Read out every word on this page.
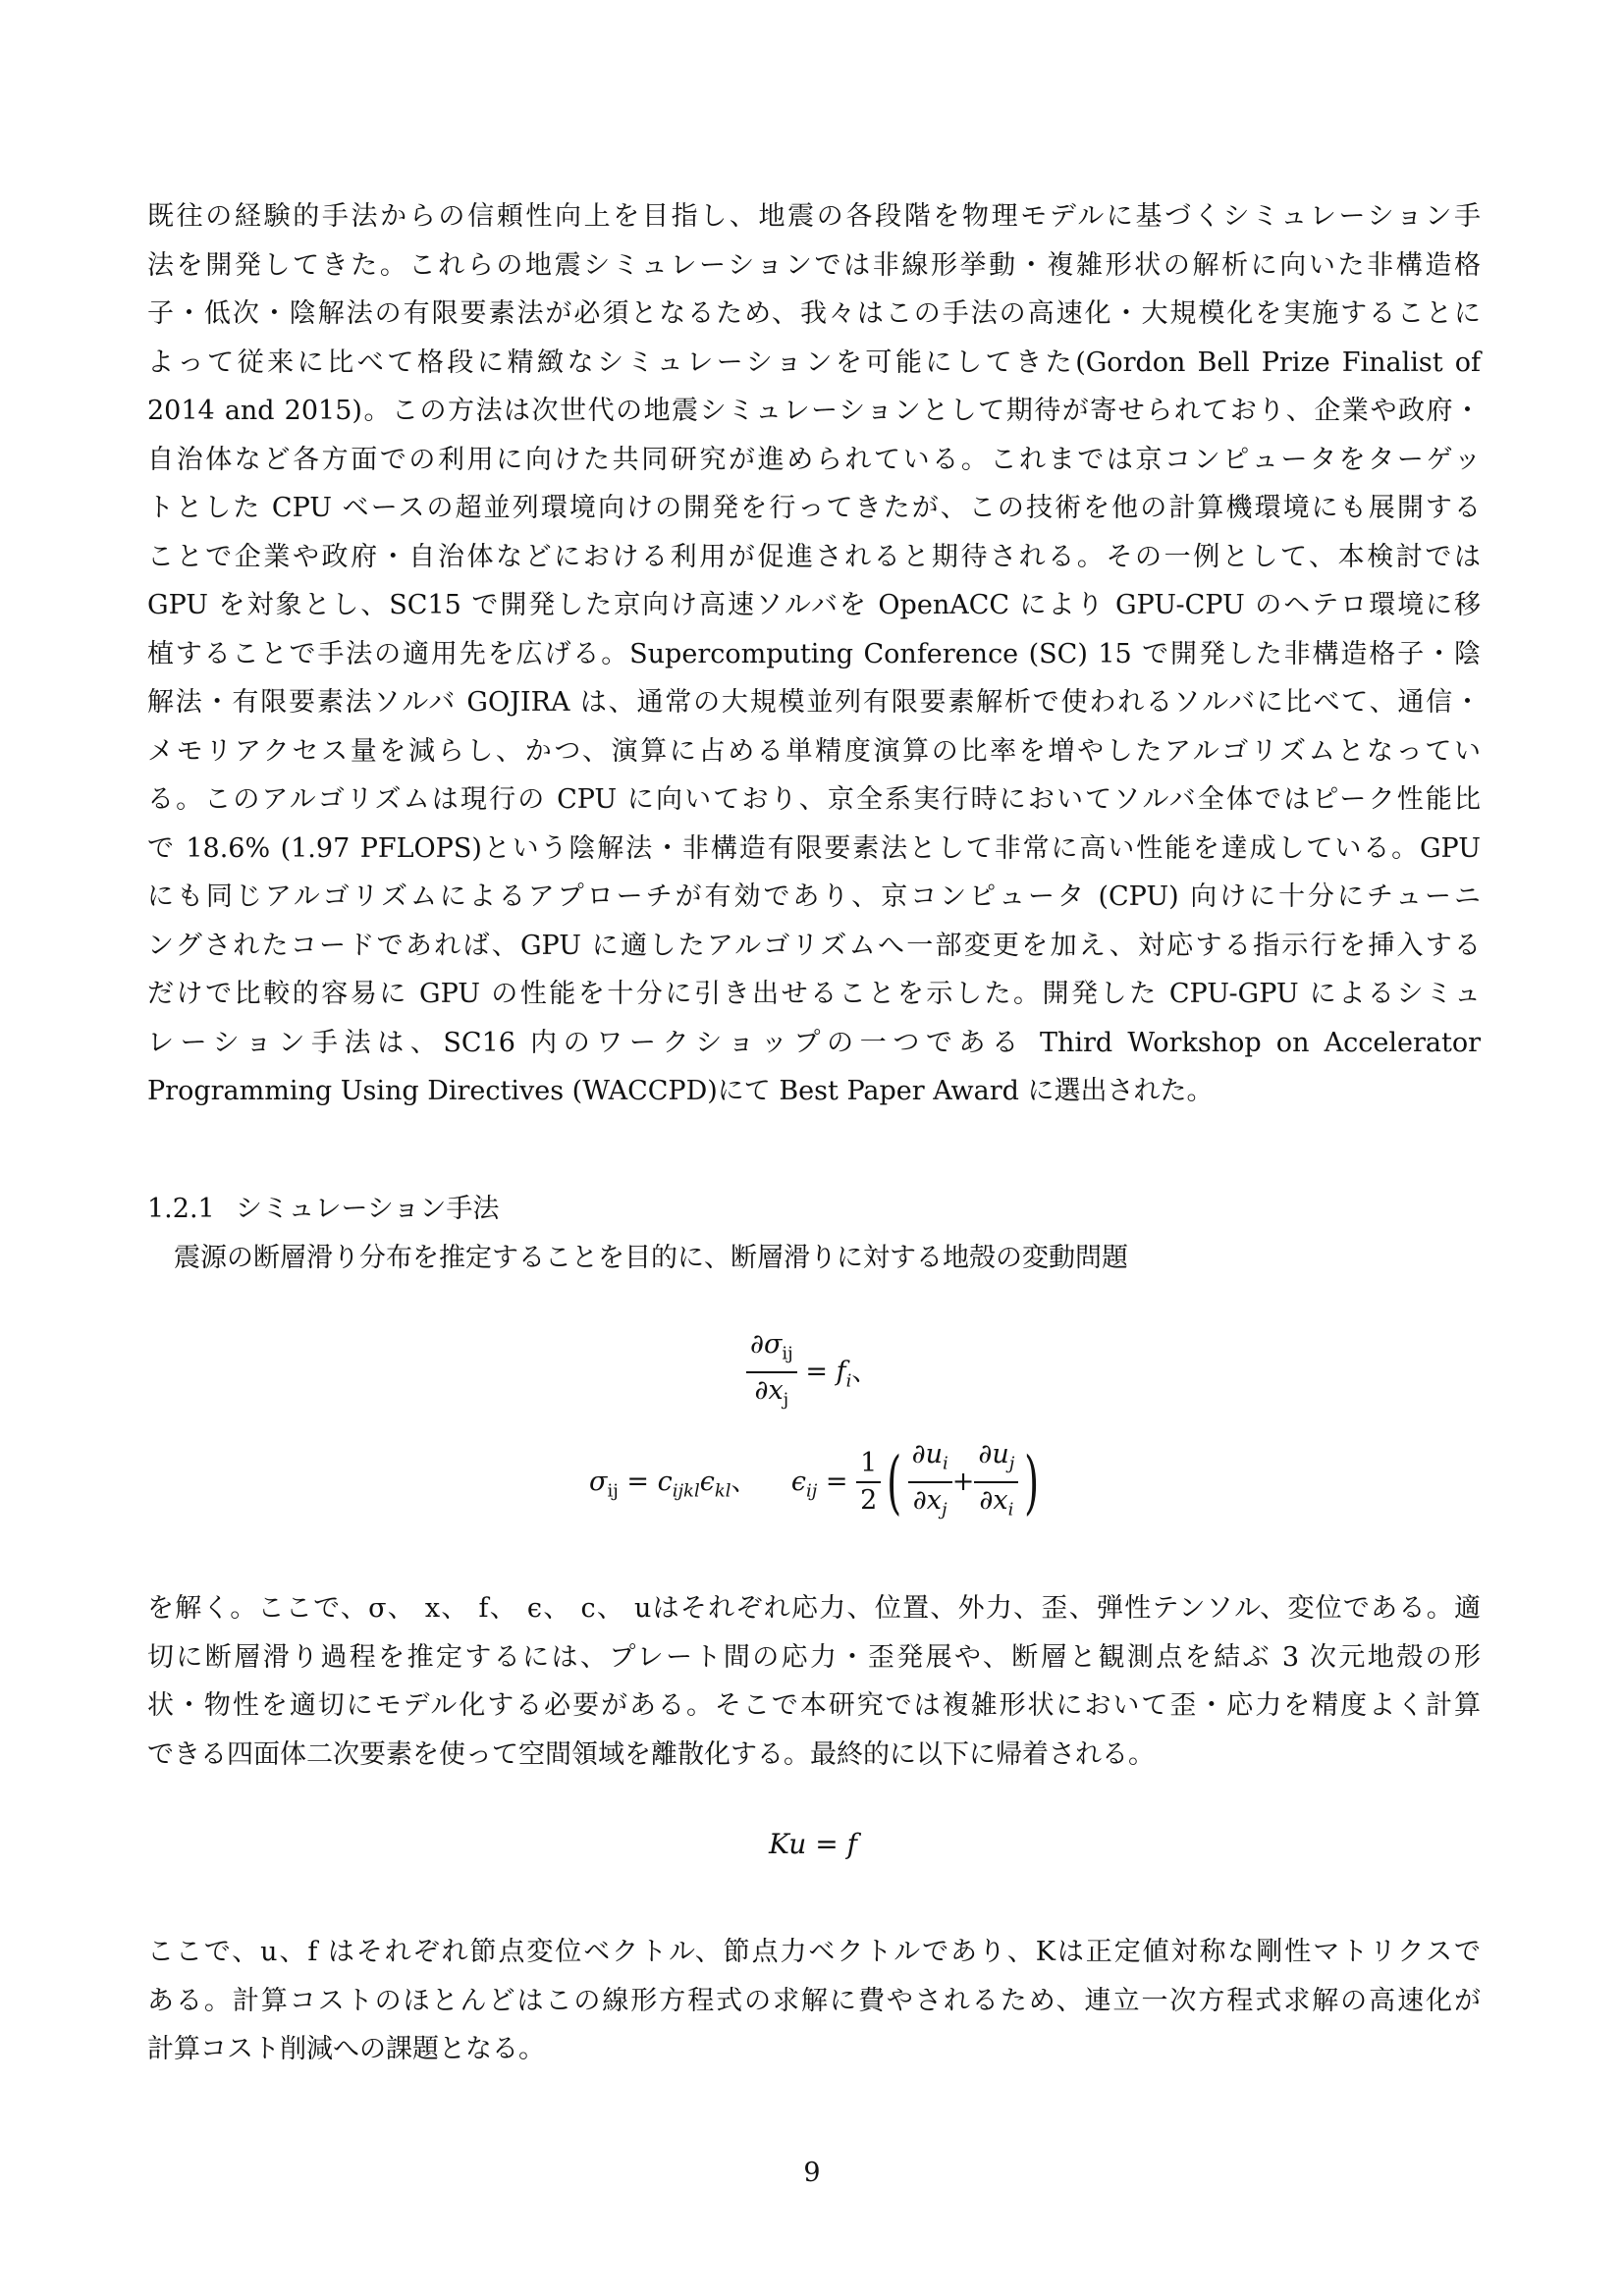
既往の経験的手法からの信頼性向上を目指し、地震の各段階を物理モデルに基づくシミュレーション手
法を開発してきた。これらの地震シミュレーションでは非線形挙動・複雑形状の解析に向いた非構造格
子・低次・陰解法の有限要素法が必須となるため、我々はこの手法の高速化・大規模化を実施することに
よって従来に比べて格段に精緻なシミュレーションを可能にしてきた(Gordon Bell Prize Finalist of
2014 and 2015)。この方法は次世代の地震シミュレーションとして期待が寄せられており、企業や政府・
自治体など各方面での利用に向けた共同研究が進められている。これまでは京コンピュータをターゲッ
トとした CPU ベースの超並列環境向けの開発を行ってきたが、この技術を他の計算機環境にも展開する
ことで企業や政府・自治体などにおける利用が促進されると期待される。その一例として、本検討では
GPU を対象とし、SC15 で開発した京向け高速ソルバを OpenACC により GPU-CPU のヘテロ環境に移
植することで手法の適用先を広げる。Supercomputing Conference (SC) 15 で開発した非構造格子・陰
解法・有限要素法ソルバ GOJIRA は、通常の大規模並列有限要素解析で使われるソルバに比べて、通信・
メモリアクセス量を減らし、かつ、演算に占める単精度演算の比率を増やしたアルゴリズムとなってい
る。このアルゴリズムは現行の CPU に向いており、京全系実行時においてソルバ全体ではピーク性能比
で 18.6% (1.97 PFLOPS)という陰解法・非構造有限要素法として非常に高い性能を達成している。GPU
にも同じアルゴリズムによるアプローチが有効であり、京コンピュータ (CPU) 向けに十分にチューニ
ングされたコードであれば、GPU に適したアルゴリズムへ一部変更を加え、対応する指示行を挿入する
だけで比較的容易に GPU の性能を十分に引き出せることを示した。開発した CPU-GPU によるシミュ
レーション手法は、SC16 内のワークショップの一つである Third Workshop on Accelerator
Programming Using Directives (WACCPD)にて Best Paper Award に選出された。
1.2.1 シミュレーション手法
震源の断層滑り分布を推定することを目的に、断層滑りに対する地殻の変動問題
$\frac{\partial\sigma_{ij}}{\partial x_j} = f_i$、
$\sigma_{ij} = c_{ijkl}\epsilon_{kl}$、 $\epsilon_{ij} = \frac{1}{2}$ ( $\frac{\partial u_i}{\partial x_j} + \frac{\partial u_j}{\partial x_i}$ )
を解く。ここで、σ、 x、 f、 ϵ、 c、 uはそれぞれ応力、位置、外力、歪、弾性テンソル、変位である。適
切に断層滑り過程を推定するには、プレート間の応力・歪発展や、断層と観測点を結ぶ 3 次元地殻の形
状・物性を適切にモデル化する必要がある。そこで本研究では複雑形状において歪・応力を精度よく計算
できる四面体二次要素を使って空間領域を離散化する。最終的に以下に帰着される。
Ku = f
ここで、u、f はそれぞれ節点変位ベクトル、節点力ベクトルであり、Kは正定値対称な剛性マトリクスで
ある。計算コストのほとんどはこの線形方程式の求解に費やされるため、連立一次方程式求解の高速化が
計算コスト削減への課題となる。
9
